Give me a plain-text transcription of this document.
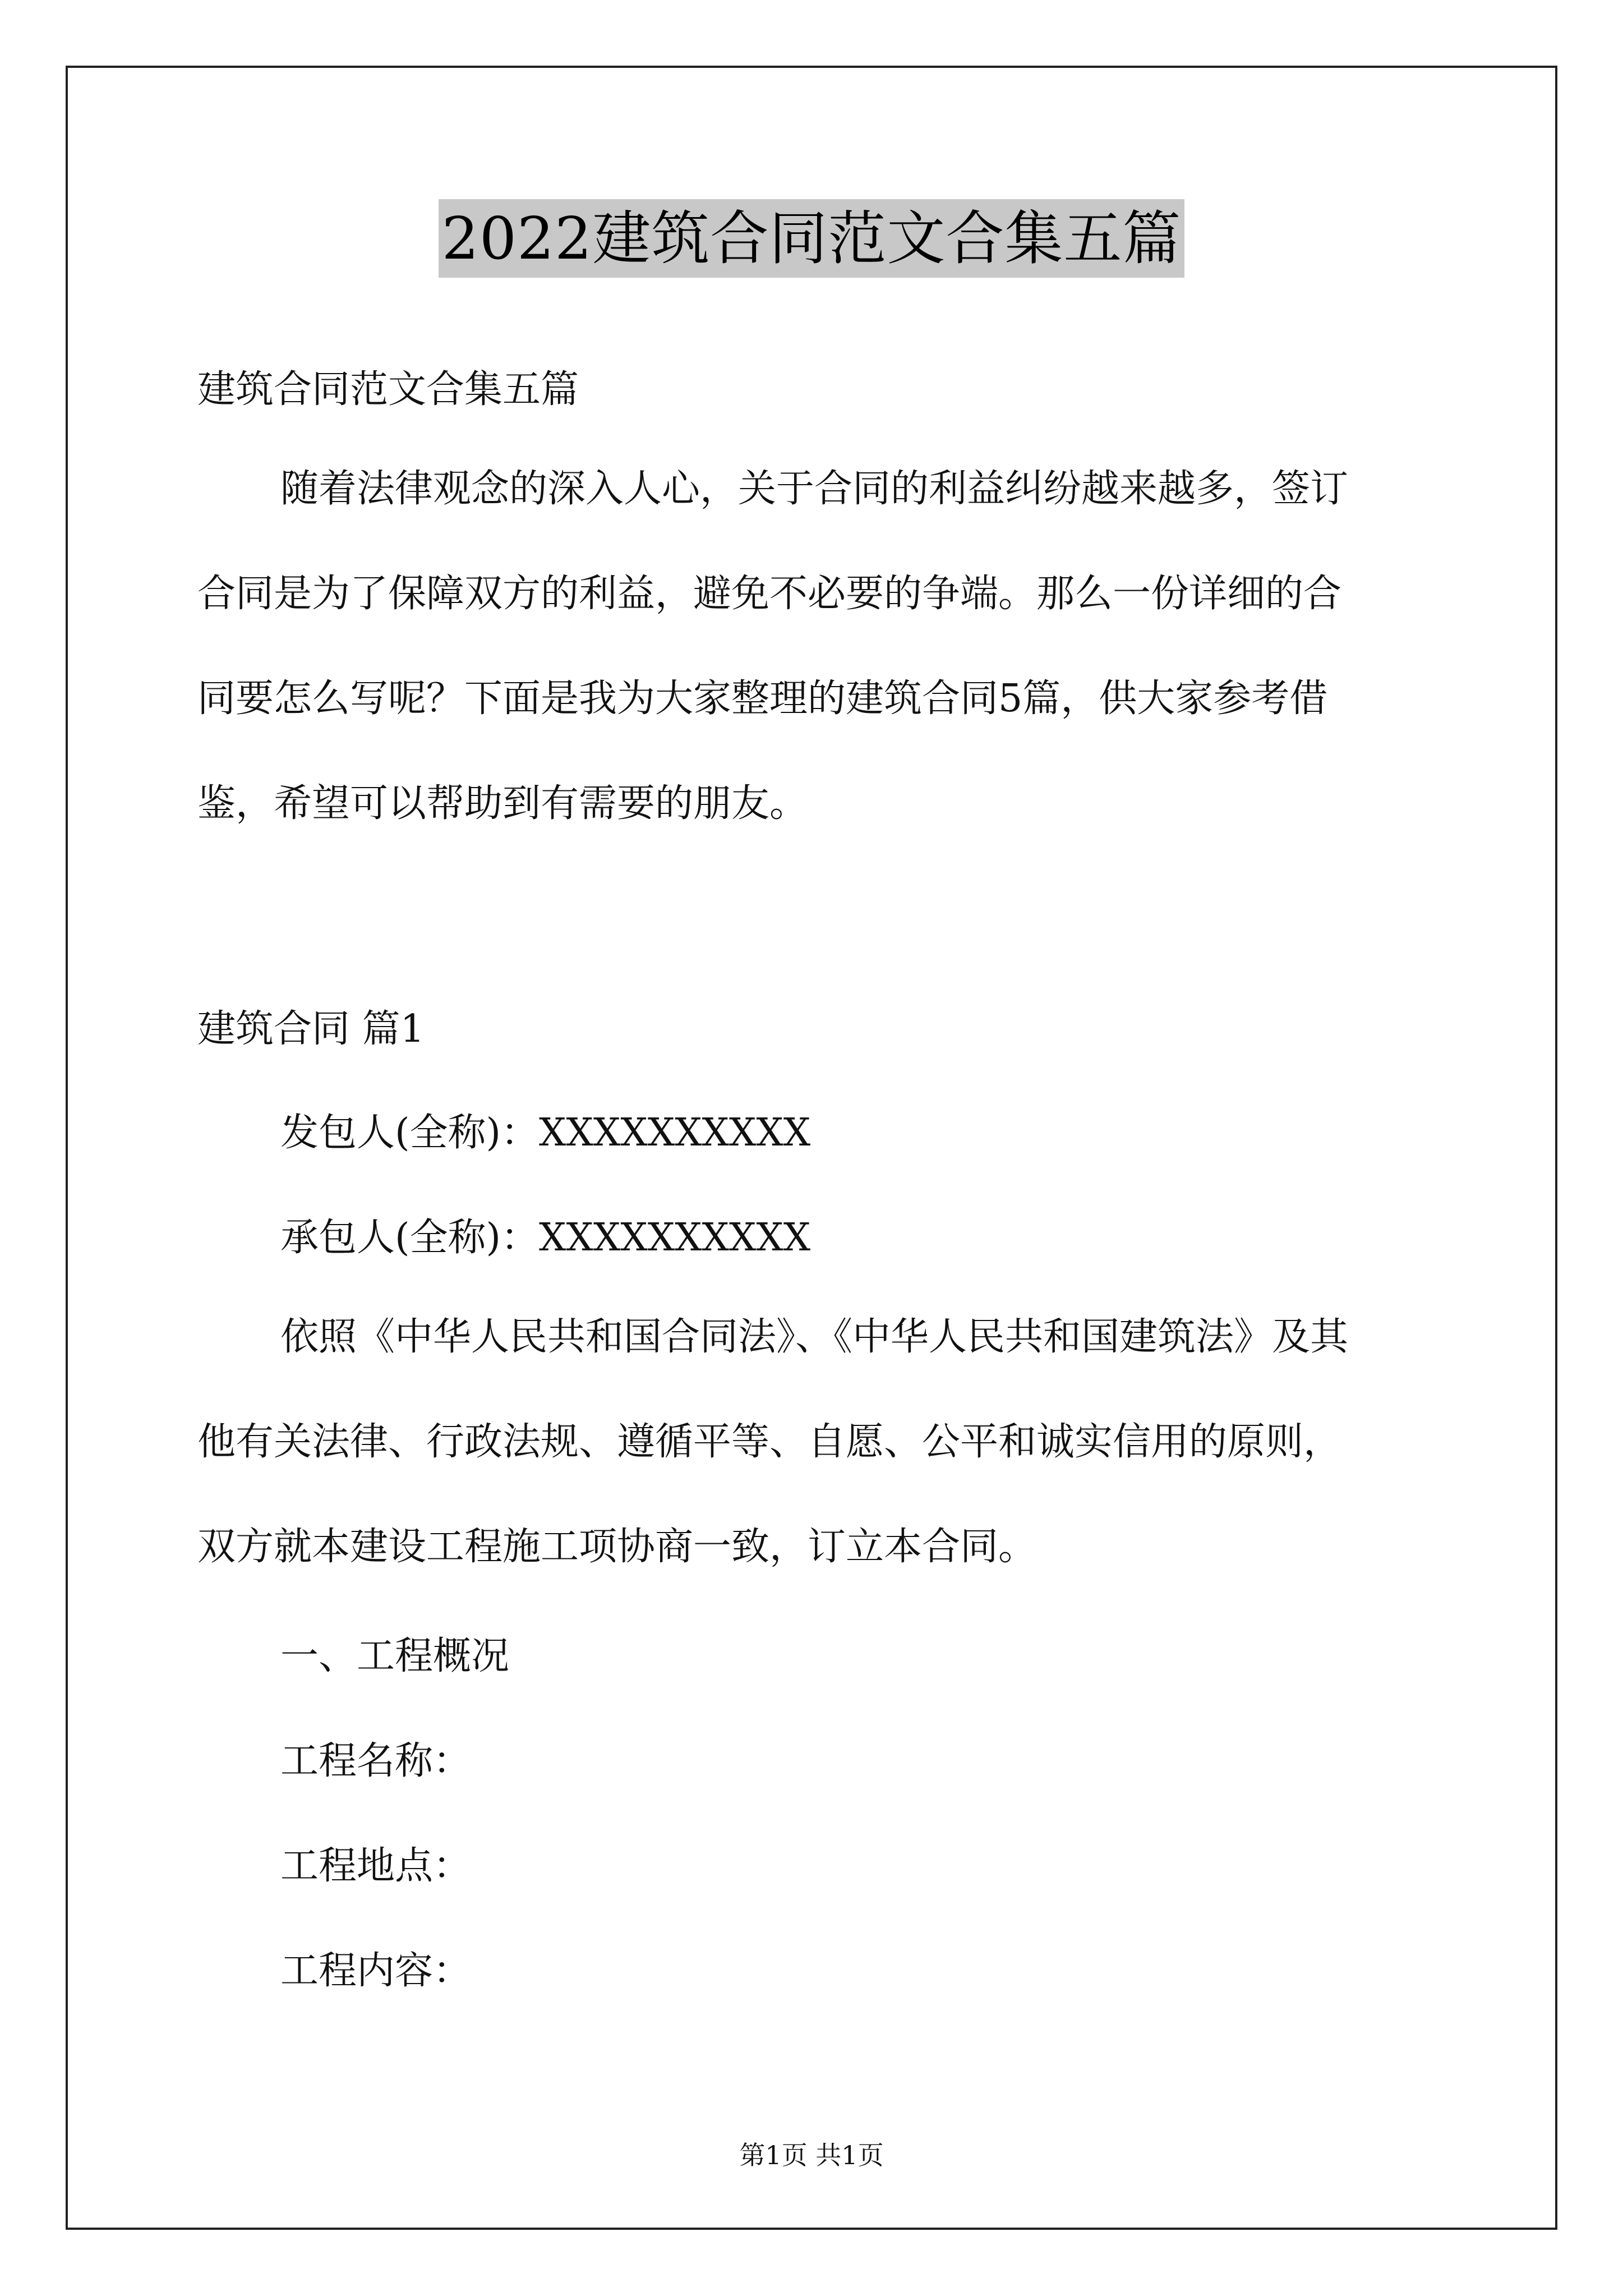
2022建筑合同范文合集五篇

建筑合同范文合集五篇

随着法律观念的深入人心，关于合同的利益纠纷越来越多，签订
合同是为了保障双方的利益，避免不必要的争端。那么一份详细的合
同要怎么写呢？下面是我为大家整理的建筑合同5篇，供大家参考借
鉴，希望可以帮助到有需要的朋友。

建筑合同 篇1

发包人(全称)：XXXXXXXXXX

承包人(全称)：XXXXXXXXXX

依照《中华人民共和国合同法》、《中华人民共和国建筑法》及其
他有关法律、行政法规、遵循平等、自愿、公平和诚实信用的原则，
双方就本建设工程施工项协商一致，订立本合同。

一、工程概况

工程名称：

工程地点：

工程内容：

第1页 共1页
